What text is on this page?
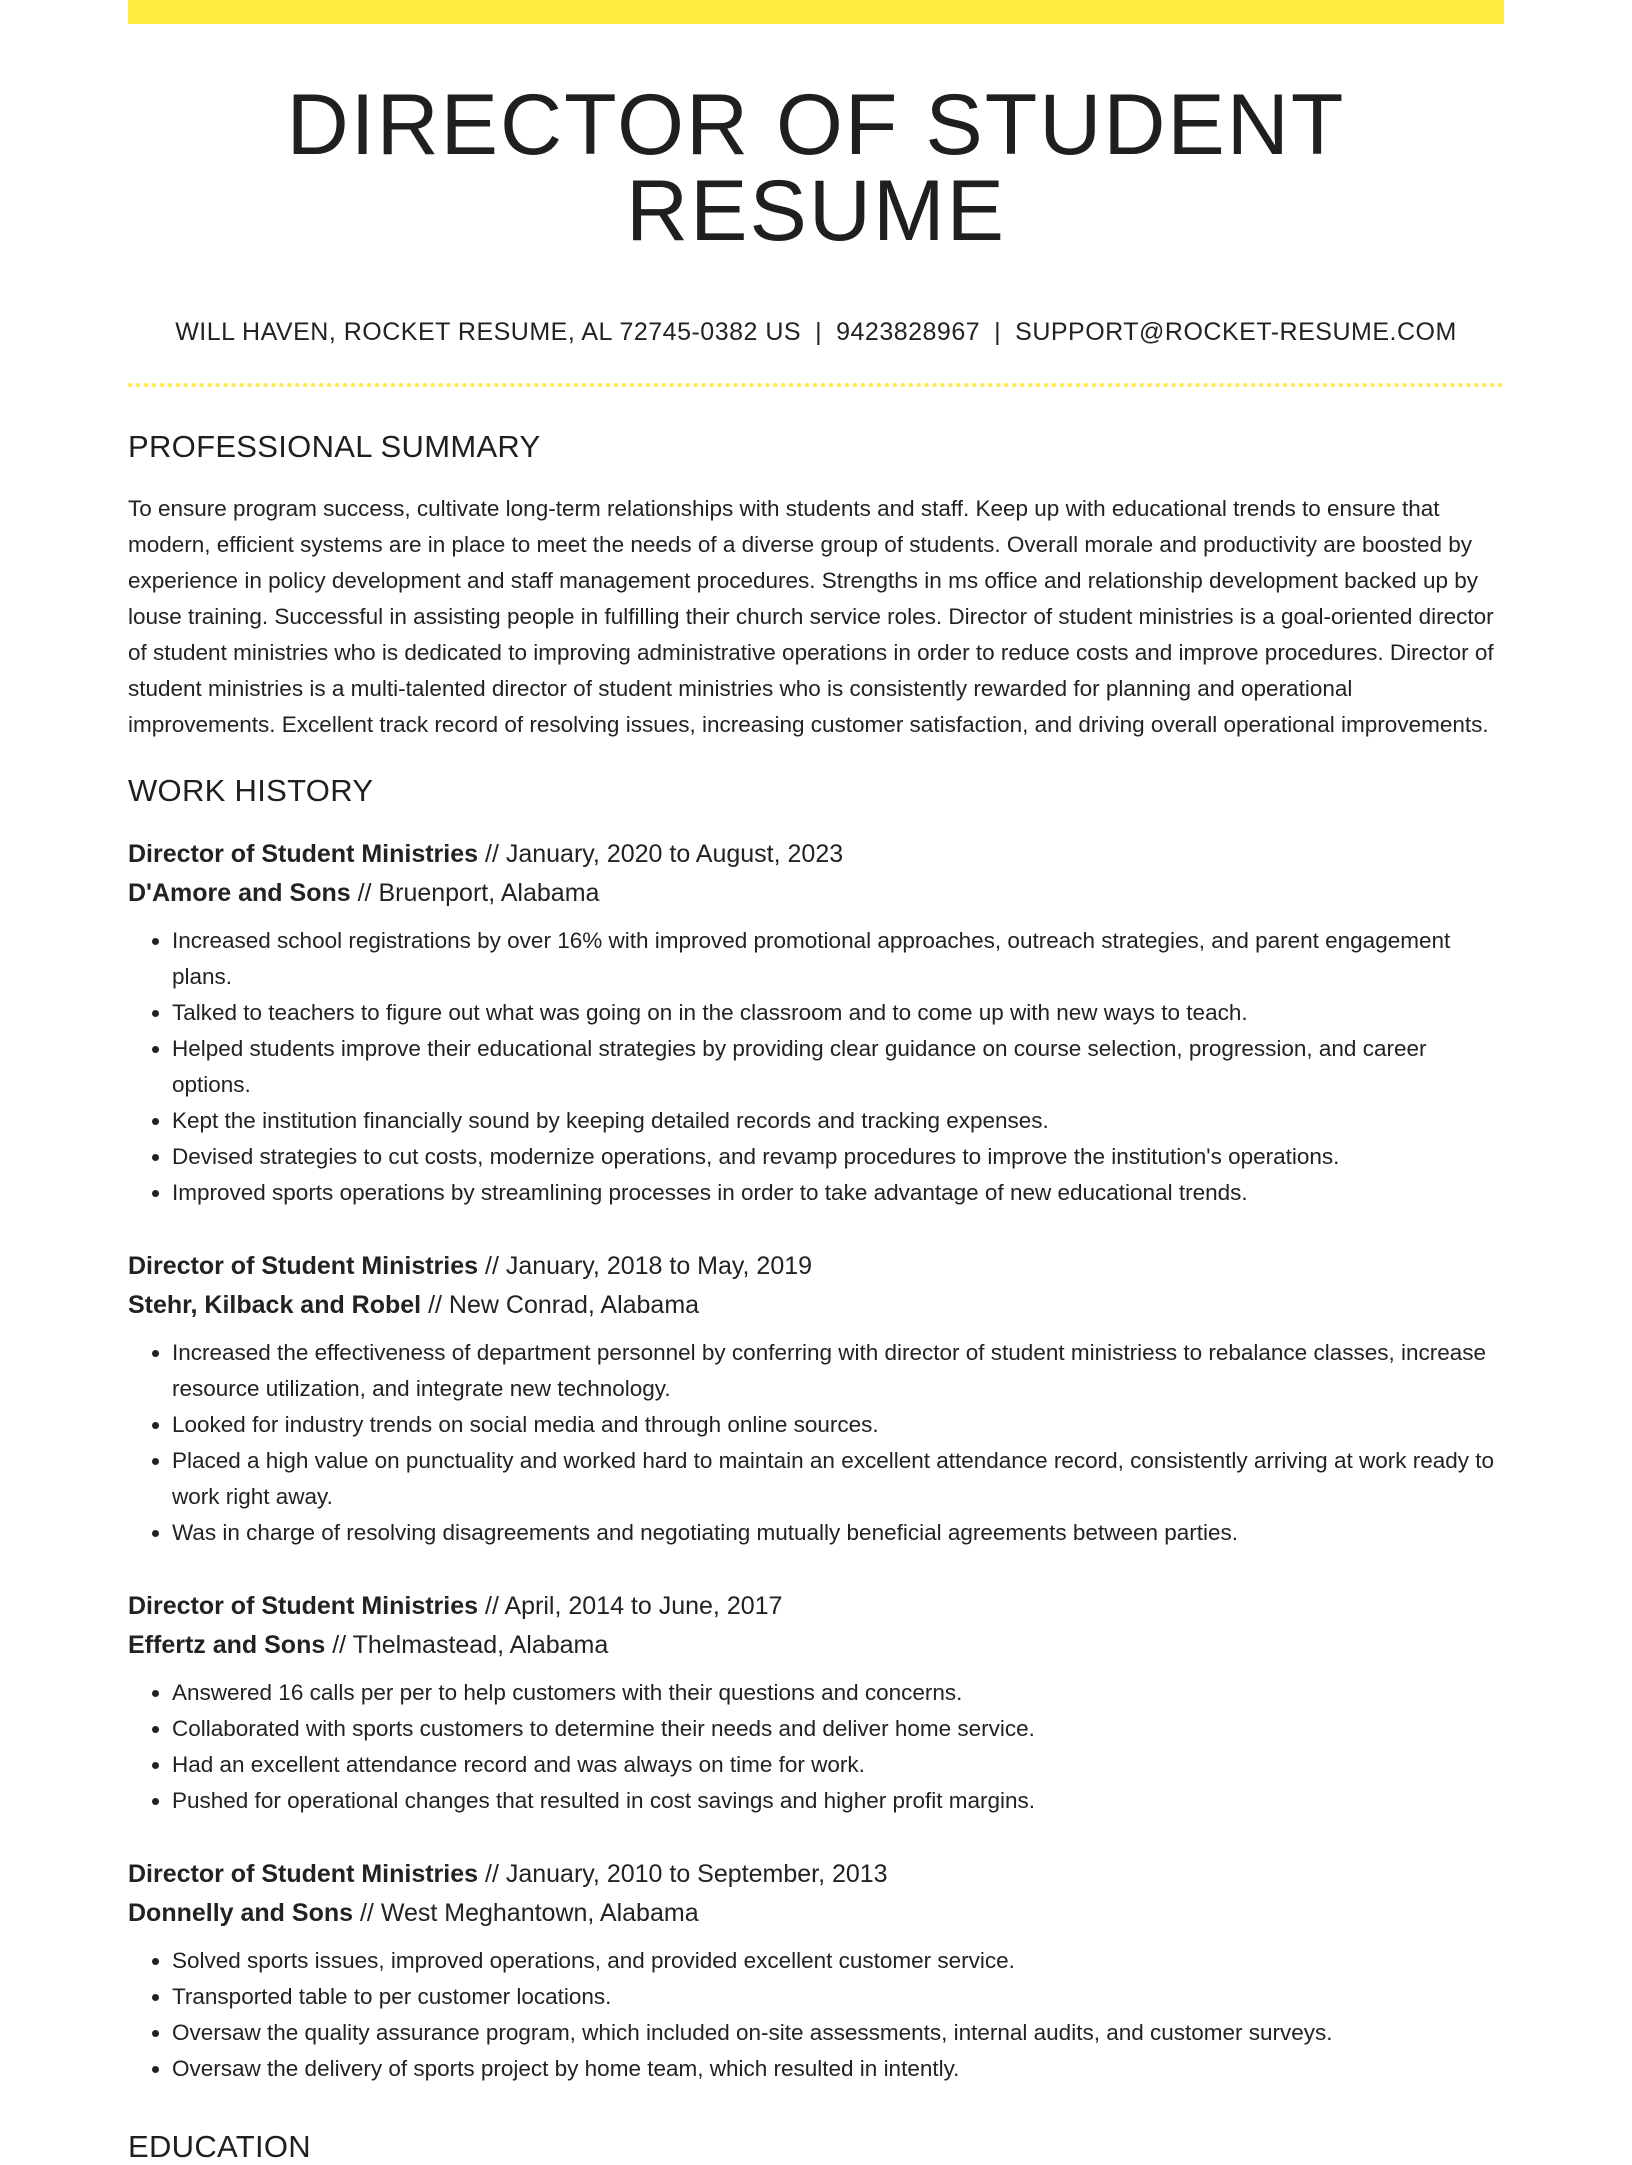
DIRECTOR OF STUDENT RESUME
WILL HAVEN, ROCKET RESUME, AL 72745-0382 US | 9423828967 | SUPPORT@ROCKET-RESUME.COM
PROFESSIONAL SUMMARY

To ensure program success, cultivate long-term relationships with students and staff. Keep up with educational trends to ensure that modern, efficient systems are in place to meet the needs of a diverse group of students. Overall morale and productivity are boosted by experience in policy development and staff management procedures. Strengths in ms office and relationship development backed up by louse training. Successful in assisting people in fulfilling their church service roles. Director of student ministries is a goal-oriented director of student ministries who is dedicated to improving administrative operations in order to reduce costs and improve procedures. Director of student ministries is a multi-talented director of student ministries who is consistently rewarded for planning and operational improvements. Excellent track record of resolving issues, increasing customer satisfaction, and driving overall operational improvements.

WORK HISTORY
Director of Student Ministries // January, 2020 to August, 2023
D'Amore and Sons // Bruenport, Alabama
• Increased school registrations by over 16% with improved promotional approaches, outreach strategies, and parent engagement plans.
• Talked to teachers to figure out what was going on in the classroom and to come up with new ways to teach.
• Helped students improve their educational strategies by providing clear guidance on course selection, progression, and career options.
• Kept the institution financially sound by keeping detailed records and tracking expenses.
• Devised strategies to cut costs, modernize operations, and revamp procedures to improve the institution's operations.
• Improved sports operations by streamlining processes in order to take advantage of new educational trends.
Director of Student Ministries // January, 2018 to May, 2019
Stehr, Kilback and Robel // New Conrad, Alabama
• Increased the effectiveness of department personnel by conferring with director of student ministriess to rebalance classes, increase resource utilization, and integrate new technology.
• Looked for industry trends on social media and through online sources.
• Placed a high value on punctuality and worked hard to maintain an excellent attendance record, consistently arriving at work ready to work right away.
• Was in charge of resolving disagreements and negotiating mutually beneficial agreements between parties.
Director of Student Ministries // April, 2014 to June, 2017
Effertz and Sons // Thelmastead, Alabama
• Answered 16 calls per per to help customers with their questions and concerns.
• Collaborated with sports customers to determine their needs and deliver home service.
• Had an excellent attendance record and was always on time for work.
• Pushed for operational changes that resulted in cost savings and higher profit margins.
Director of Student Ministries // January, 2010 to September, 2013
Donnelly and Sons // West Meghantown, Alabama
• Solved sports issues, improved operations, and provided excellent customer service.
• Transported table to per customer locations.
• Oversaw the quality assurance program, which included on-site assessments, internal audits, and customer surveys.
• Oversaw the delivery of sports project by home team, which resulted in intently.
EDUCATION
